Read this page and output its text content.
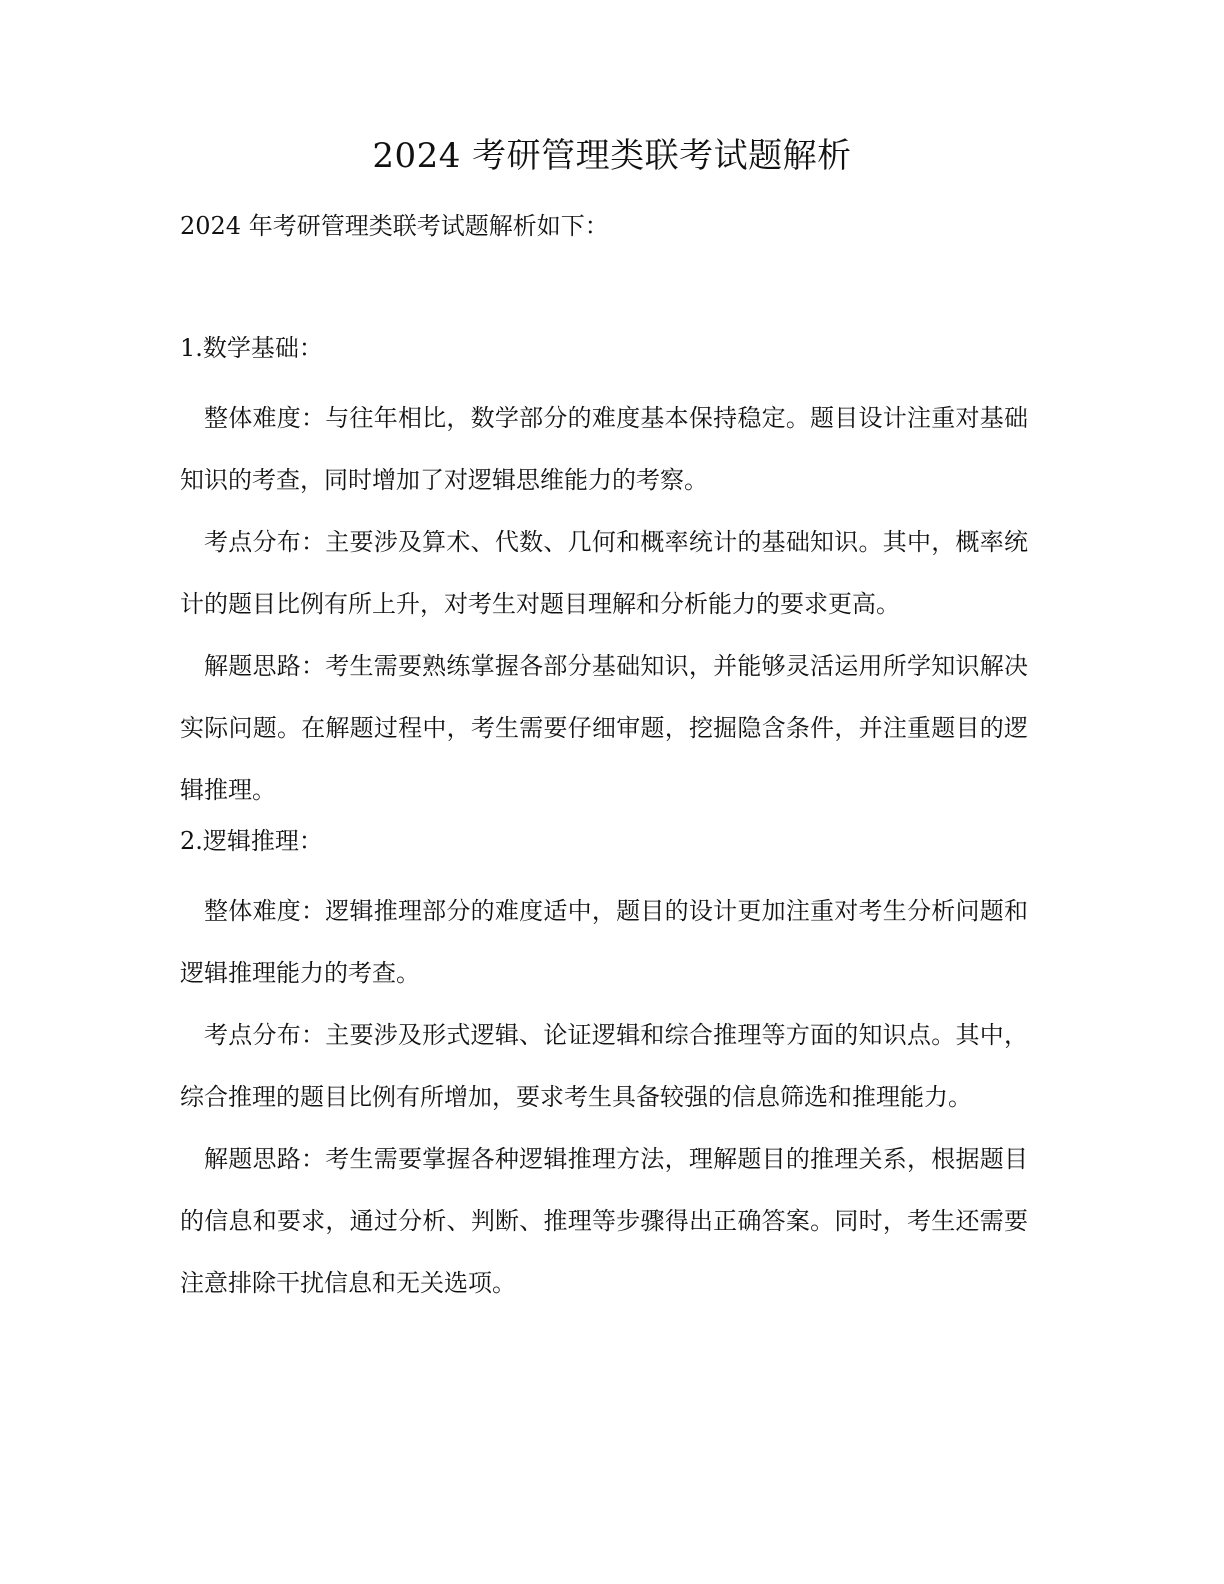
2024 考研管理类联考试题解析

2024 年考研管理类联考试题解析如下：

1.数学基础：

整体难度：与往年相比，数学部分的难度基本保持稳定。题目设计注重对基础知识的考查，同时增加了对逻辑思维能力的考察。

考点分布：主要涉及算术、代数、几何和概率统计的基础知识。其中，概率统计的题目比例有所上升，对考生对题目理解和分析能力的要求更高。

解题思路：考生需要熟练掌握各部分基础知识，并能够灵活运用所学知识解决实际问题。在解题过程中，考生需要仔细审题，挖掘隐含条件，并注重题目的逻辑推理。

2.逻辑推理：

整体难度：逻辑推理部分的难度适中，题目的设计更加注重对考生分析问题和逻辑推理能力的考查。

考点分布：主要涉及形式逻辑、论证逻辑和综合推理等方面的知识点。其中，综合推理的题目比例有所增加，要求考生具备较强的信息筛选和推理能力。

解题思路：考生需要掌握各种逻辑推理方法，理解题目的推理关系，根据题目的信息和要求，通过分析、判断、推理等步骤得出正确答案。同时，考生还需要注意排除干扰信息和无关选项。
